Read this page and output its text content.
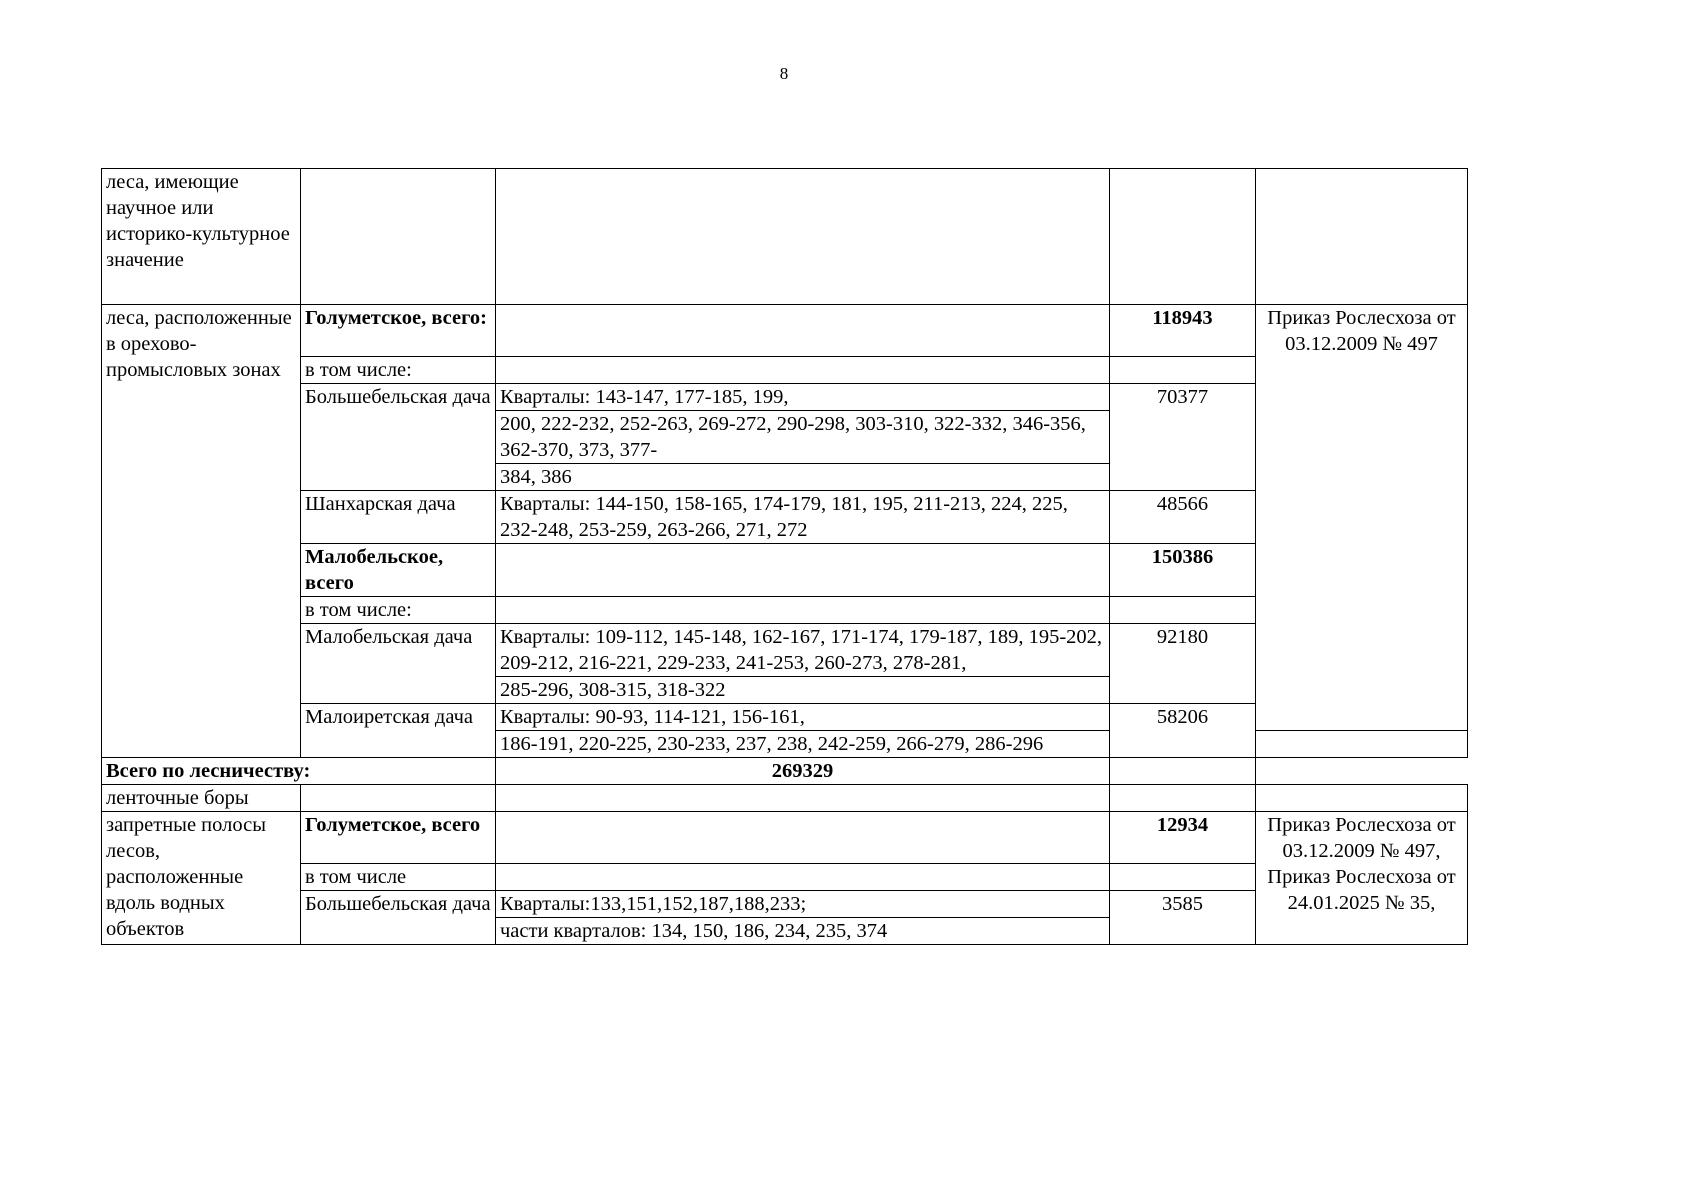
8
леса, имеющие научное или историко-культурное значение				
леса, расположенные в орехово-промысловых зонах	Голуметское, всего:		118943	Приказ Рослесхоза от 03.12.2009 № 497
	в том числе:			
	Большебельская дача	Кварталы: 143-147, 177-185, 199,	70377	
		200, 222-232, 252-263, 269-272, 290-298, 303-310, 322-332, 346-356, 362-370, 373, 377-		
		384, 386		
	Шанхарская дача	Кварталы: 144-150, 158-165, 174-179, 181, 195, 211-213, 224, 225, 232-248, 253-259, 263-266, 271, 272	48566	
	Малобельское, всего		150386	
	в том числе:			
	Малобельская дача	Кварталы: 109-112, 145-148, 162-167, 171-174, 179-187, 189, 195-202, 209-212, 216-221, 229-233, 241-253, 260-273, 278-281,	92180	
		285-296, 308-315, 318-322		
	Малоиретская дача	Кварталы: 90-93, 114-121, 156-161,	58206	
		186-191, 220-225, 230-233, 237, 238, 242-259, 266-279, 286-296		
Всего по лесничеству:		269329		
ленточные боры				
запретные полосы лесов, расположенные вдоль водных объектов	Голуметское, всего		12934	Приказ Рослесхоза от 03.12.2009 № 497, Приказ Рослесхоза от 24.01.2025 № 35,
	в том числе			
	Большебельская дача	Кварталы:133,151,152,187,188,233;	3585	
		части кварталов: 134, 150, 186, 234, 235, 374		
